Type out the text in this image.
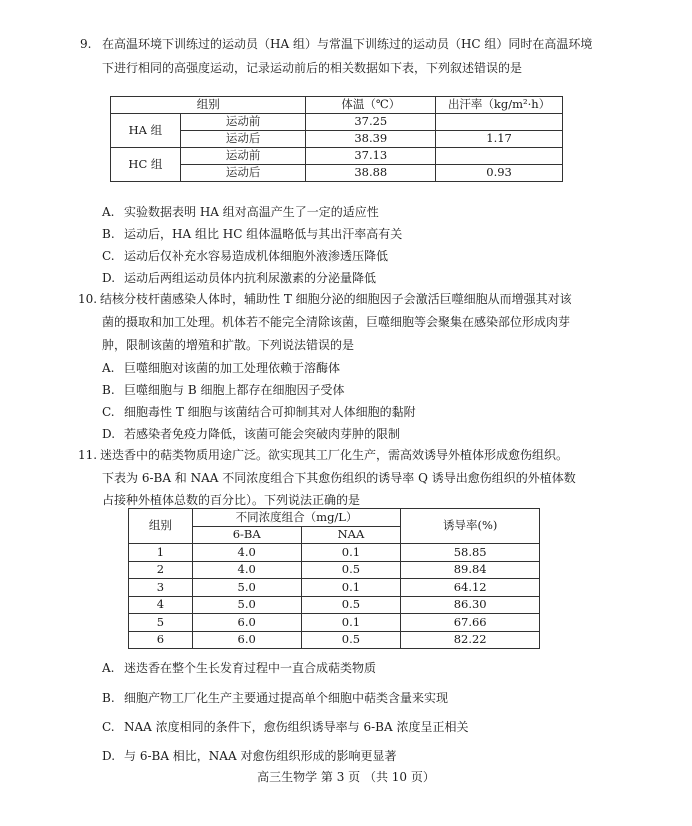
9. 在高温环境下训练过的运动员（HA 组）与常温下训练过的运动员（HC 组）同时在高温环境
下进行相同的高强度运动，记录运动前后的相关数据如下表，下列叙述错误的是
组别		体温（℃）	出汗率（kg/m²·h）
HA 组	运动前	37.25	
	运动后	38.39	1.17
HC 组	运动前	37.13	
	运动后	38.88	0.93
A. 实验数据表明 HA 组对高温产生了一定的适应性
B. 运动后，HA 组比 HC 组体温略低与其出汗率高有关
C. 运动后仅补充水容易造成机体细胞外液渗透压降低
D. 运动后两组运动员体内抗利尿激素的分泌量降低
10. 结核分枝杆菌感染人体时，辅助性 T 细胞分泌的细胞因子会激活巨噬细胞从而增强其对该
菌的摄取和加工处理。机体若不能完全清除该菌，巨噬细胞等会聚集在感染部位形成肉芽
肿，限制该菌的增殖和扩散。下列说法错误的是
A. 巨噬细胞对该菌的加工处理依赖于溶酶体
B. 巨噬细胞与 B 细胞上都存在细胞因子受体
C. 细胞毒性 T 细胞与该菌结合可抑制其对人体细胞的黏附
D. 若感染者免疫力降低，该菌可能会突破肉芽肿的限制
11. 迷迭香中的萜类物质用途广泛。欲实现其工厂化生产，需高效诱导外植体形成愈伤组织。
下表为 6-BA 和 NAA 不同浓度组合下其愈伤组织的诱导率 Q 诱导出愈伤组织的外植体数
占接种外植体总数的百分比）。下列说法正确的是
组别	不同浓度组合（mg/L）		诱导率(%)
	6-BA	NAA	
1	4.0	0.1	58.85
2	4.0	0.5	89.84
3	5.0	0.1	64.12
4	5.0	0.5	86.30
5	6.0	0.1	67.66
6	6.0	0.5	82.22
A. 迷迭香在整个生长发育过程中一直合成萜类物质
B. 细胞产物工厂化生产主要通过提高单个细胞中萜类含量来实现
C. NAA 浓度相同的条件下，愈伤组织诱导率与 6-BA 浓度呈正相关
D. 与 6-BA 相比，NAA 对愈伤组织形成的影响更显著
高三生物学 第 3 页 （共 10 页）
